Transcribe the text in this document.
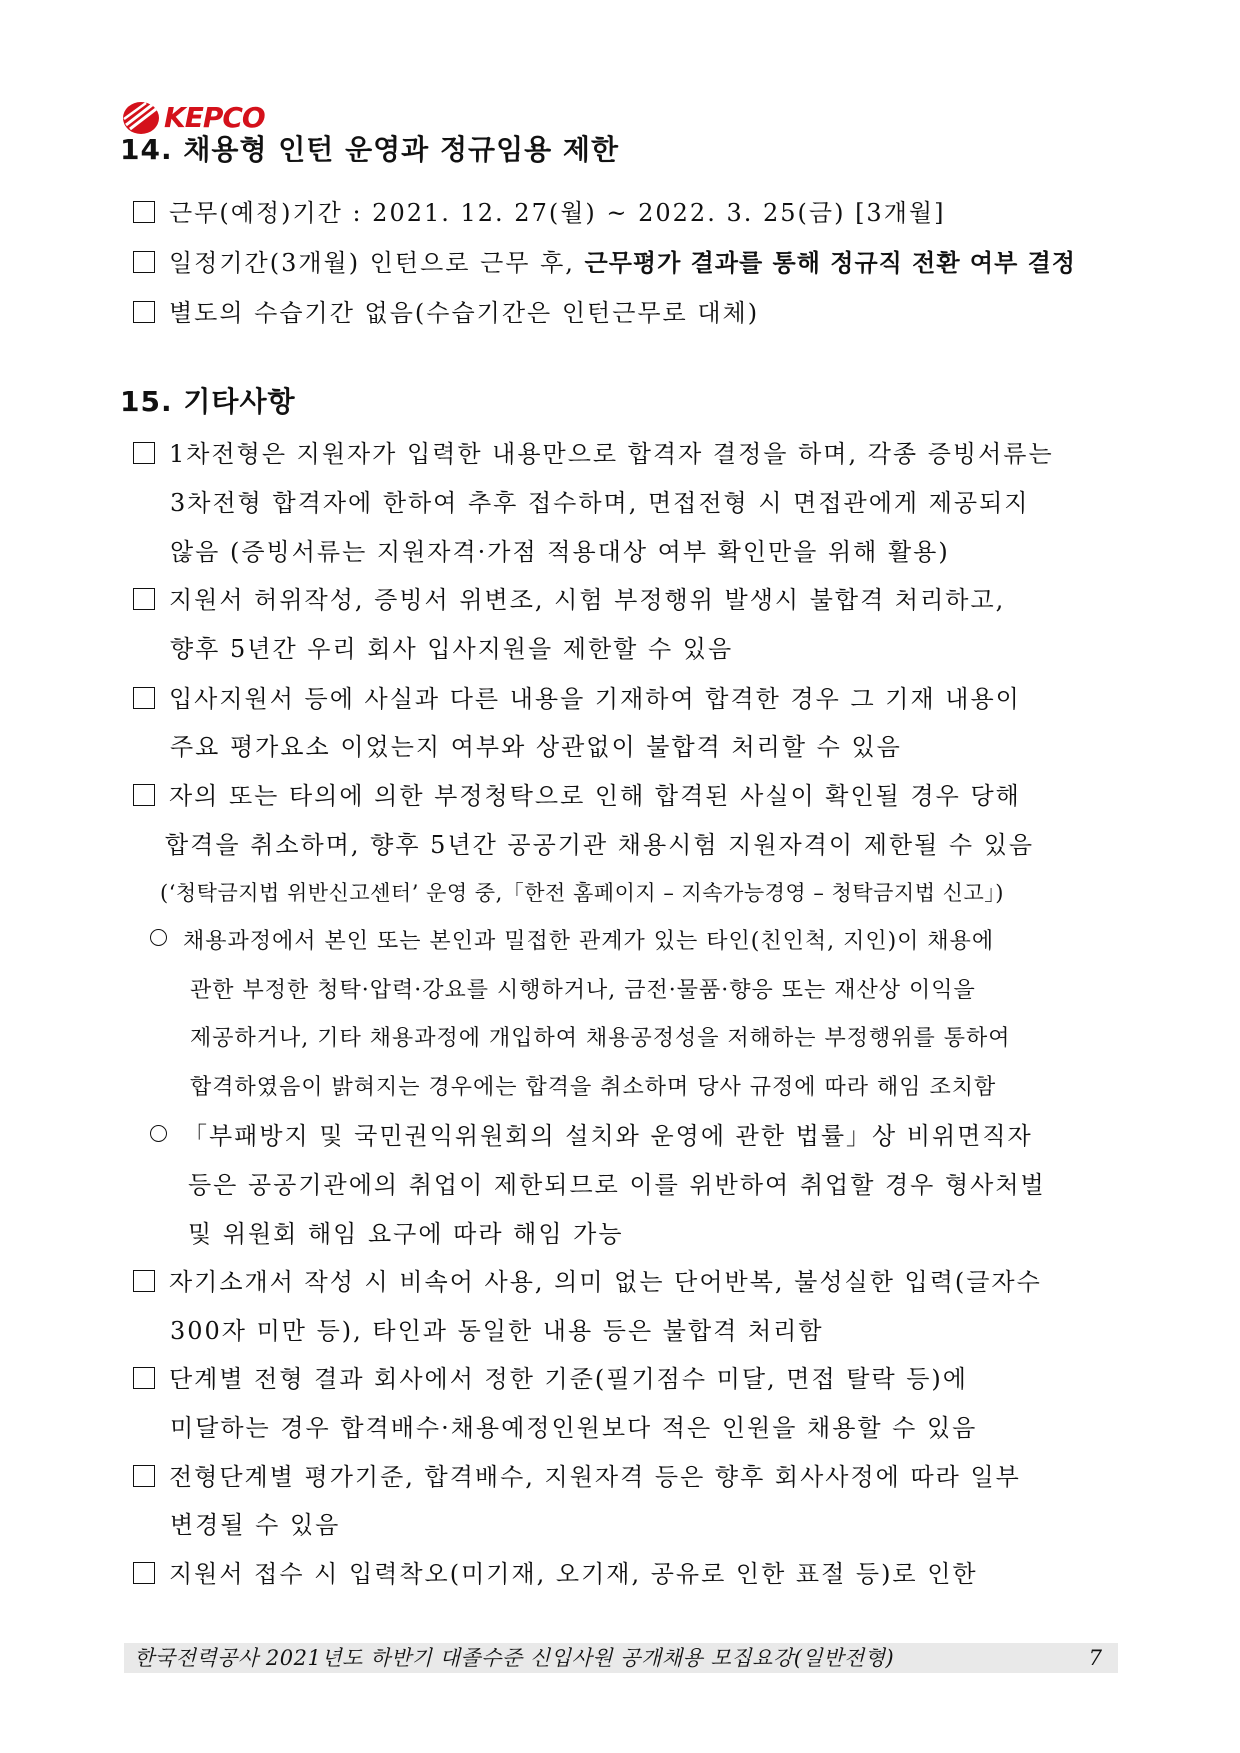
KEPCO
14. 채용형 인턴 운영과 정규임용 제한
근무(예정)기간 : 2021. 12. 27(월) ~ 2022. 3. 25(금) [3개월]
일정기간(3개월) 인턴으로 근무 후, 근무평가 결과를 통해 정규직 전환 여부 결정
별도의 수습기간 없음(수습기간은 인턴근무로 대체)
15. 기타사항
1차전형은 지원자가 입력한 내용만으로 합격자 결정을 하며, 각종 증빙서류는
3차전형 합격자에 한하여 추후 접수하며, 면접전형 시 면접관에게 제공되지
않음 (증빙서류는 지원자격·가점 적용대상 여부 확인만을 위해 활용)
지원서 허위작성, 증빙서 위변조, 시험 부정행위 발생시 불합격 처리하고,
향후 5년간 우리 회사 입사지원을 제한할 수 있음
입사지원서 등에 사실과 다른 내용을 기재하여 합격한 경우 그 기재 내용이
주요 평가요소 이었는지 여부와 상관없이 불합격 처리할 수 있음
자의 또는 타의에 의한 부정청탁으로 인해 합격된 사실이 확인될 경우 당해
합격을 취소하며, 향후 5년간 공공기관 채용시험 지원자격이 제한될 수 있음
(‘청탁금지법 위반신고센터’ 운영 중,「한전 홈페이지 – 지속가능경영 – 청탁금지법 신고」)
채용과정에서 본인 또는 본인과 밀접한 관계가 있는 타인(친인척, 지인)이 채용에
관한 부정한 청탁·압력·강요를 시행하거나, 금전·물품·향응 또는 재산상 이익을
제공하거나, 기타 채용과정에 개입하여 채용공정성을 저해하는 부정행위를 통하여
합격하였음이 밝혀지는 경우에는 합격을 취소하며 당사 규정에 따라 해임 조치함
「부패방지 및 국민권익위원회의 설치와 운영에 관한 법률」상 비위면직자
등은 공공기관에의 취업이 제한되므로 이를 위반하여 취업할 경우 형사처벌
및 위원회 해임 요구에 따라 해임 가능
자기소개서 작성 시 비속어 사용, 의미 없는 단어반복, 불성실한 입력(글자수
300자 미만 등), 타인과 동일한 내용 등은 불합격 처리함
단계별 전형 결과 회사에서 정한 기준(필기점수 미달, 면접 탈락 등)에
미달하는 경우 합격배수·채용예정인원보다 적은 인원을 채용할 수 있음
전형단계별 평가기준, 합격배수, 지원자격 등은 향후 회사사정에 따라 일부
변경될 수 있음
지원서 접수 시 입력착오(미기재, 오기재, 공유로 인한 표절 등)로 인한
한국전력공사 2021년도 하반기 대졸수준 신입사원 공개채용 모집요강(일반전형)	7
